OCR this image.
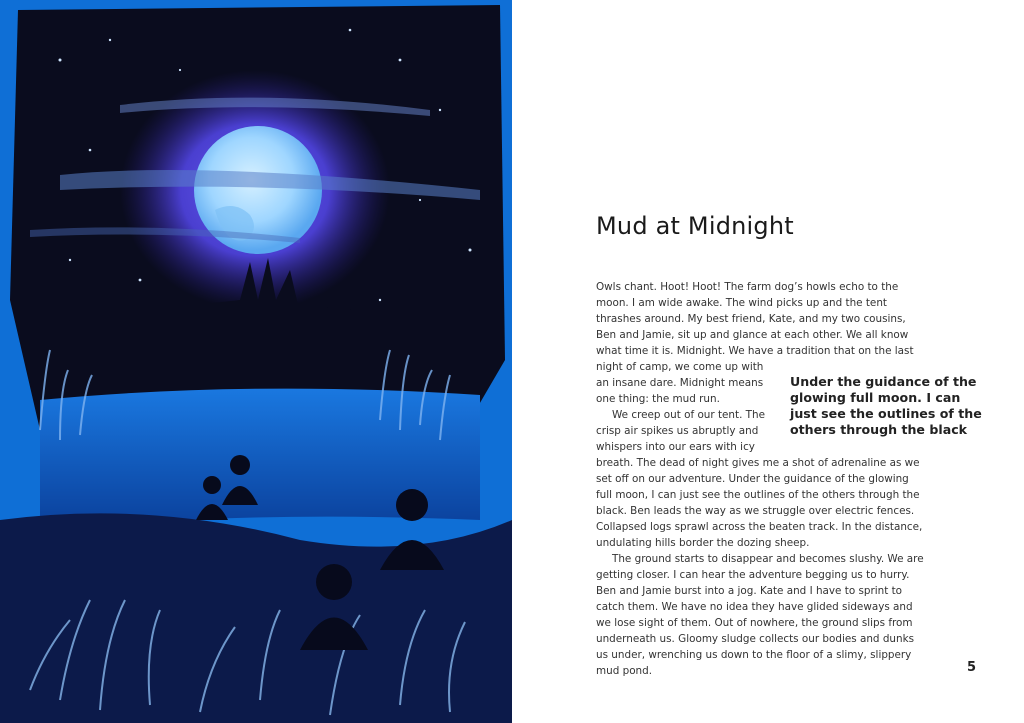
Mud at Midnight
Owls chant. Hoot! Hoot! The farm dog’s howls echo to the
moon. I am wide awake. The wind picks up and the tent
thrashes around. My best friend, Kate, and my two cousins,
Ben and Jamie, sit up and glance at each other. We all know
what time it is. Midnight. We have a tradition that on the last
night of camp, we come up with
an insane dare. Midnight means
one thing: the mud run.
We creep out of our tent. The
crisp air spikes us abruptly and
whispers into our ears with icy
breath. The dead of night gives me a shot of adrenaline as we
set off on our adventure. Under the guidance of the glowing
full moon, I can just see the outlines of the others through the
black. Ben leads the way as we struggle over electric fences.
Collapsed logs sprawl across the beaten track. In the distance,
undulating hills border the dozing sheep.
The ground starts to disappear and becomes slushy. We are
getting closer. I can hear the adventure begging us to hurry.
Ben and Jamie burst into a jog. Kate and I have to sprint to
catch them. We have no idea they have glided sideways and
we lose sight of them. Out of nowhere, the ground slips from
underneath us. Gloomy sludge collects our bodies and dunks
us under, wrenching us down to the floor of a slimy, slippery
mud pond.
Under the guidance of the
glowing full moon. I can
just see the outlines of the
others through the black
5
